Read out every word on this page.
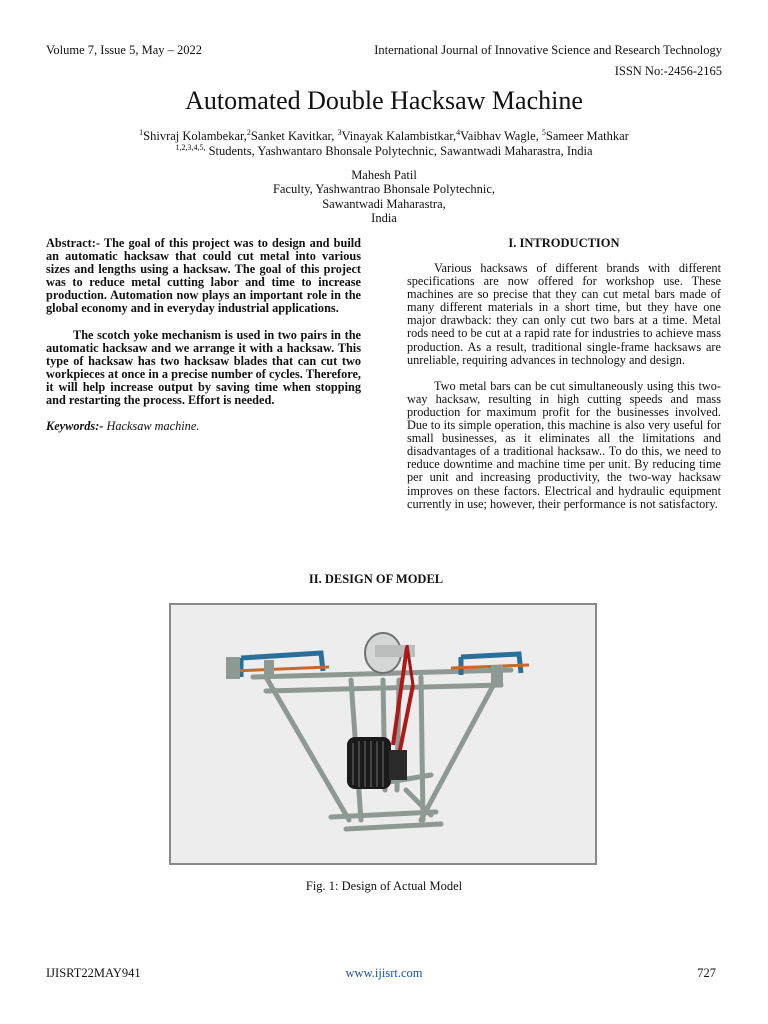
Volume 7, Issue 5, May – 2022	International Journal of Innovative Science and Research Technology
ISSN No:-2456-2165
Automated Double Hacksaw Machine
$^1$Shivraj Kolambekar,$^2$Sanket Kavitkar, $^3$Vinayak Kalambistkar,$^4$Vaibhav Wagle, $^5$Sameer Mathkar
$^{1,2,3,4,5,}$ Students, Yashwantaro Bhonsale Polytechnic, Sawantwadi Maharastra, India
Mahesh Patil
Faculty, Yashwantrao Bhonsale Polytechnic,
Sawantwadi Maharastra,
India

Abstract:- The goal of this project was to design and build an automatic hacksaw that could cut metal into various sizes and lengths using a hacksaw. The goal of this project was to reduce metal cutting labor and time to increase production. Automation now plays an important role in the global economy and in everyday industrial applications.

The scotch yoke mechanism is used in two pairs in the automatic hacksaw and we arrange it with a hacksaw. This type of hacksaw has two hacksaw blades that can cut two workpieces at once in a precise number of cycles. Therefore, it will help increase output by saving time when stopping and restarting the process. Effort is needed.

Keywords:- Hacksaw machine.

I. INTRODUCTION

Various hacksaws of different brands with different specifications are now offered for workshop use. These machines are so precise that they can cut metal bars made of many different materials in a short time, but they have one major drawback: they can only cut two bars at a time. Metal rods need to be cut at a rapid rate for industries to achieve mass production. As a result, traditional single-frame hacksaws are unreliable, requiring advances in technology and design.

Two metal bars can be cut simultaneously using this two-way hacksaw, resulting in high cutting speeds and mass production for maximum profit for the businesses involved. Due to its simple operation, this machine is also very useful for small businesses, as it eliminates all the limitations and disadvantages of a traditional hacksaw.. To do this, we need to reduce downtime and machine time per unit. By reducing time per unit and increasing productivity, the two-way hacksaw improves on these factors. Electrical and hydraulic equipment currently in use; however, their performance is not satisfactory.

II. DESIGN OF MODEL
Fig. 1: Design of Actual Model
IJISRT22MAY941	www.ijisrt.com	727
